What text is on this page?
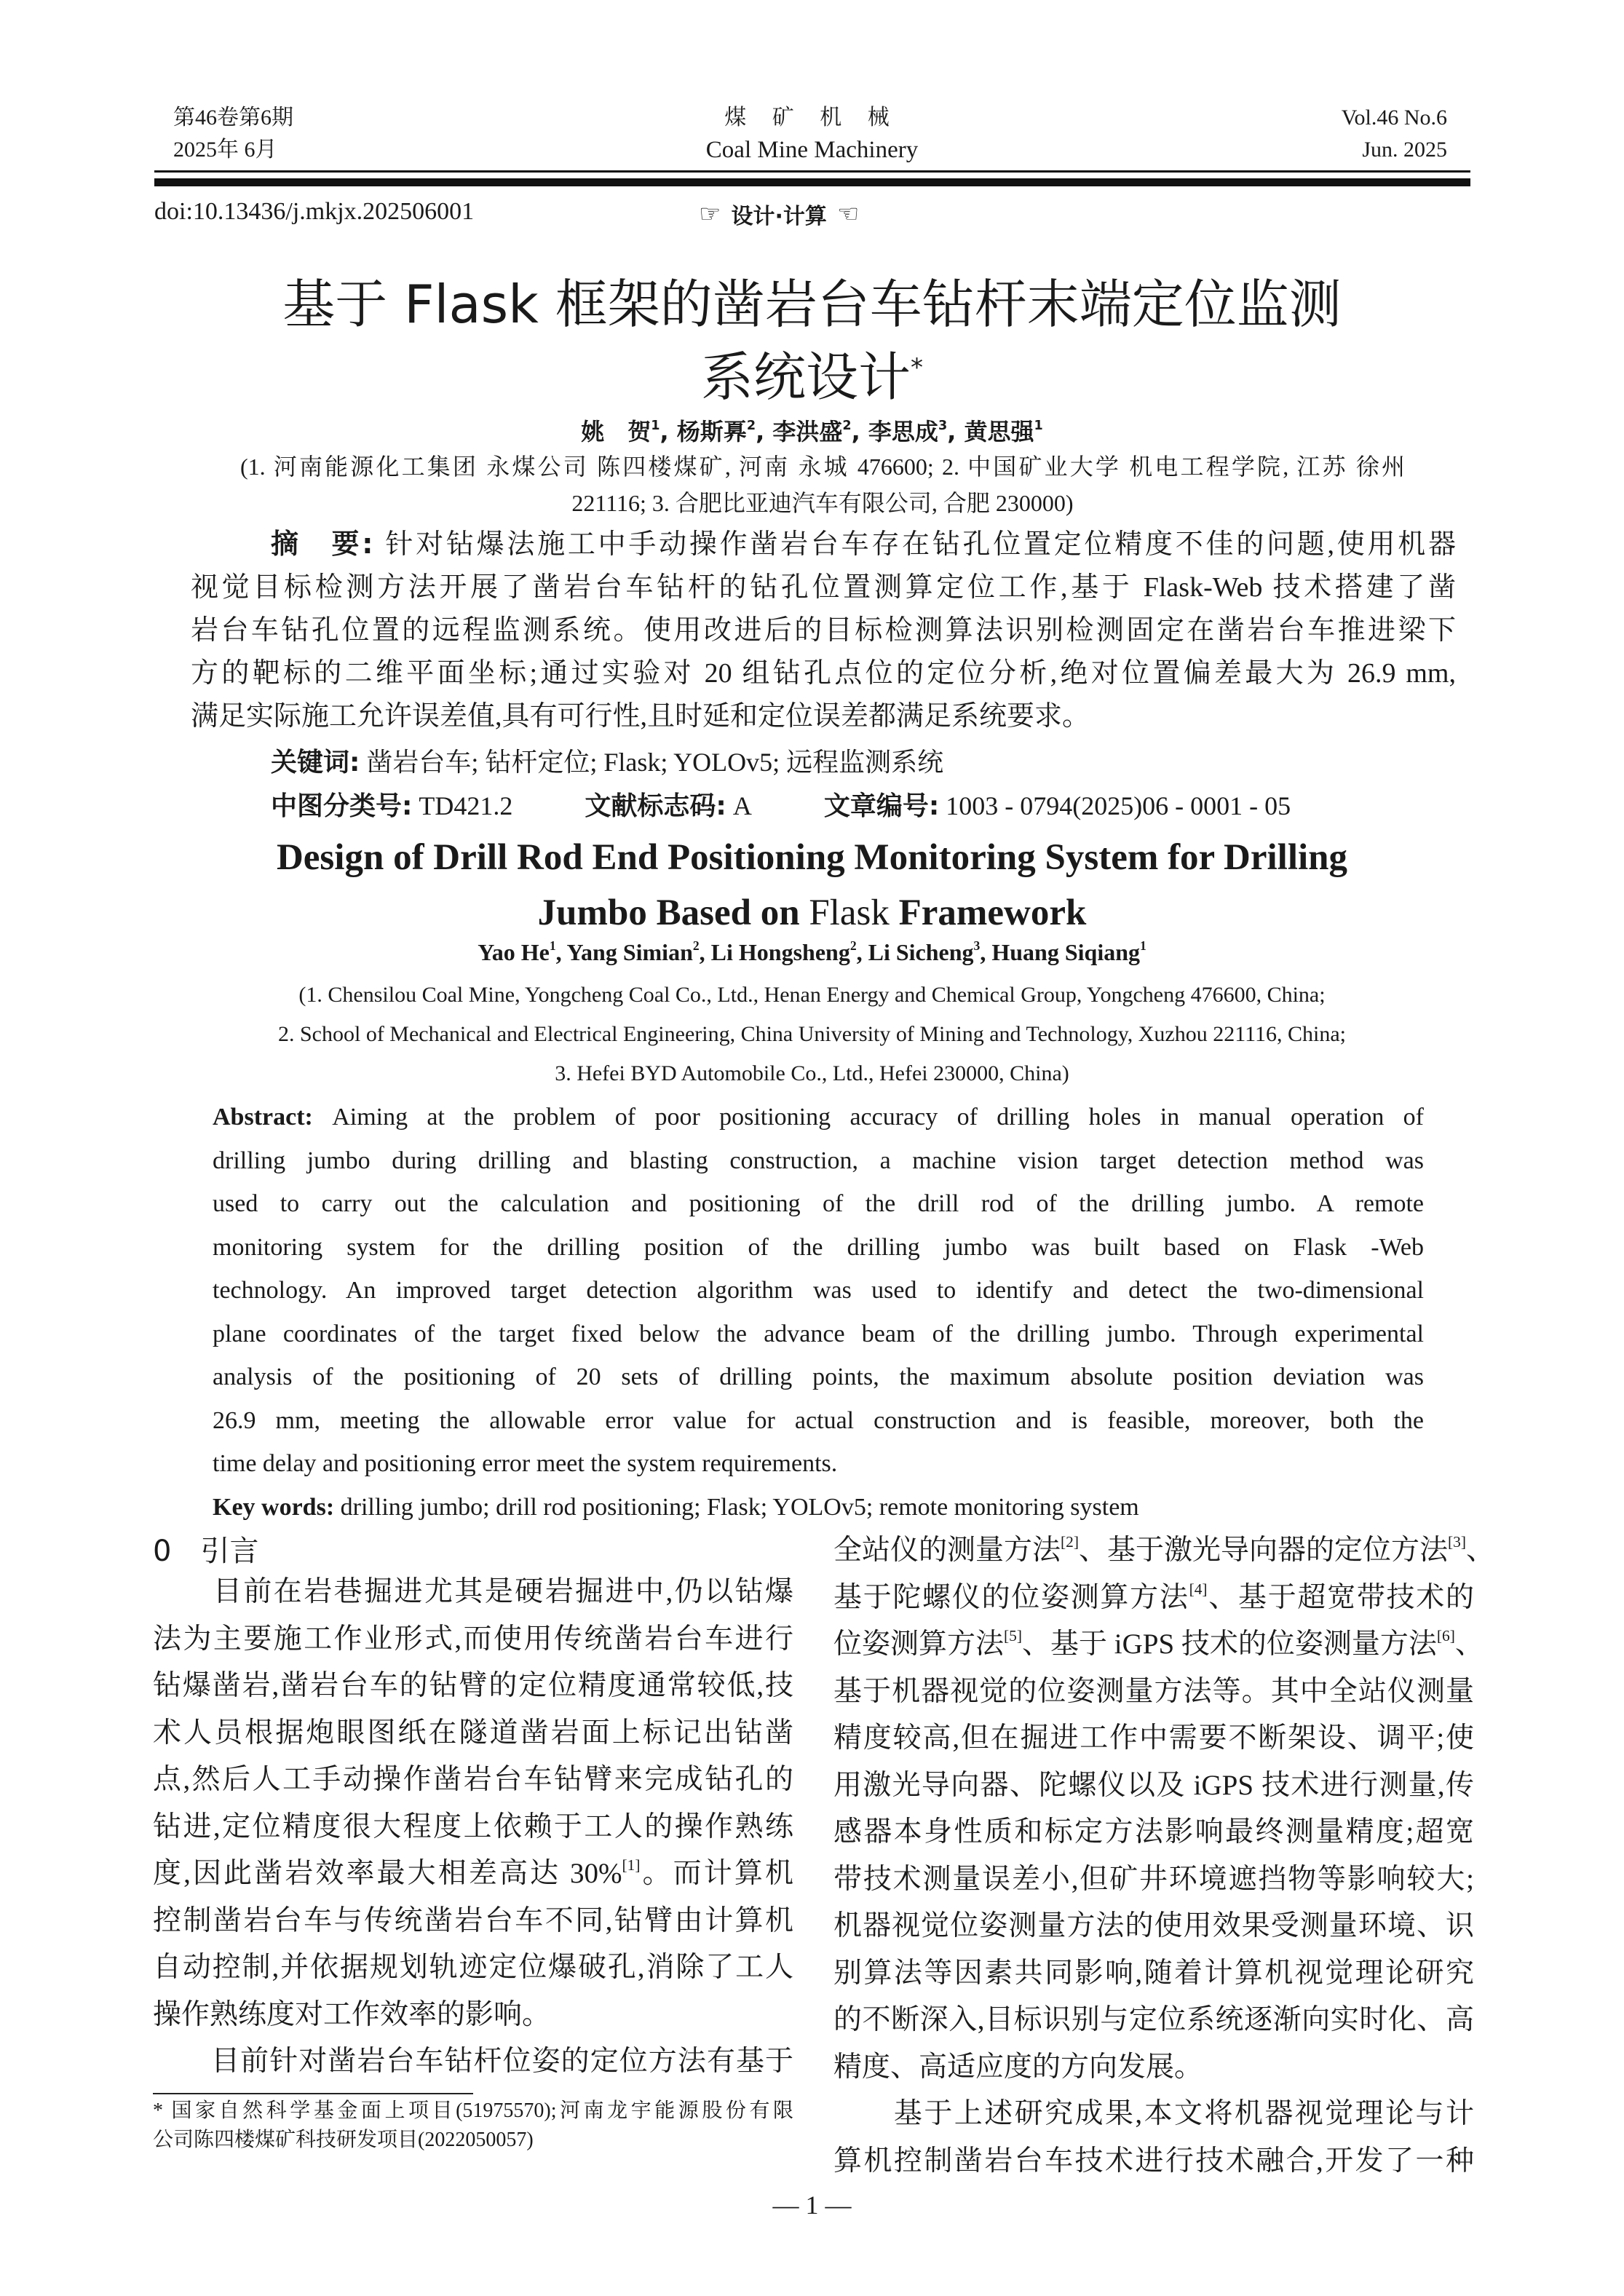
第46卷第6期
2025年 6月
煤 矿 机 械
Coal Mine Machinery
Vol.46 No.6
Jun. 2025
doi:10.13436/j.mkjx.202506001	☞ 设计·计算 ☜
基于 Flask 框架的凿岩台车钻杆末端定位监测
系统设计*
姚　贺$^1$, 杨斯奡$^2$, 李洪盛$^2$, 李思成$^3$, 黄思强$^1$
(1. 河南能源化工集团 永煤公司 陈四楼煤矿, 河南 永城 476600; 2. 中国矿业大学 机电工程学院, 江苏 徐州
221116; 3. 合肥比亚迪汽车有限公司, 合肥 230000)
摘　要: 针对钻爆法施工中手动操作凿岩台车存在钻孔位置定位精度不佳的问题,使用机器
视觉目标检测方法开展了凿岩台车钻杆的钻孔位置测算定位工作,基于 Flask-Web 技术搭建了凿
岩台车钻孔位置的远程监测系统。使用改进后的目标检测算法识别检测固定在凿岩台车推进梁下
方的靶标的二维平面坐标;通过实验对 20 组钻孔点位的定位分析,绝对位置偏差最大为 26.9 mm,
满足实际施工允许误差值,具有可行性,且时延和定位误差都满足系统要求。
关键词: 凿岩台车; 钻杆定位; Flask; YOLOv5; 远程监测系统
中图分类号: TD421.2	文献标志码: A	文章编号: 1003 - 0794(2025)06 - 0001 - 05
Design of Drill Rod End Positioning Monitoring System for Drilling
Jumbo Based on Flask Framework
Yao He$^1$, Yang Simian$^2$, Li Hongsheng$^2$, Li Sicheng$^3$, Huang Siqiang$^1$
(1. Chensilou Coal Mine, Yongcheng Coal Co., Ltd., Henan Energy and Chemical Group, Yongcheng 476600, China;
2. School of Mechanical and Electrical Engineering, China University of Mining and Technology, Xuzhou 221116, China;
3. Hefei BYD Automobile Co., Ltd., Hefei 230000, China)
Abstract: Aiming at the problem of poor positioning accuracy of drilling holes in manual operation of
drilling jumbo during drilling and blasting construction, a machine vision target detection method was
used to carry out the calculation and positioning of the drill rod of the drilling jumbo. A remote
monitoring system for the drilling position of the drilling jumbo was built based on Flask -Web
technology. An improved target detection algorithm was used to identify and detect the two-dimensional
plane coordinates of the target fixed below the advance beam of the drilling jumbo. Through experimental
analysis of the positioning of 20 sets of drilling points, the maximum absolute position deviation was
26.9 mm, meeting the allowable error value for actual construction and is feasible, moreover, both the
time delay and positioning error meet the system requirements.
Key words: drilling jumbo; drill rod positioning; Flask; YOLOv5; remote monitoring system
0 引言
　　目前在岩巷掘进尤其是硬岩掘进中,仍以钻爆
法为主要施工作业形式,而使用传统凿岩台车进行
钻爆凿岩,凿岩台车的钻臂的定位精度通常较低,技
术人员根据炮眼图纸在隧道凿岩面上标记出钻凿
点,然后人工手动操作凿岩台车钻臂来完成钻孔的
钻进,定位精度很大程度上依赖于工人的操作熟练
度,因此凿岩效率最大相差高达 30%[1]。而计算机
控制凿岩台车与传统凿岩台车不同,钻臂由计算机
自动控制,并依据规划轨迹定位爆破孔,消除了工人
操作熟练度对工作效率的影响。
　　目前针对凿岩台车钻杆位姿的定位方法有基于
* 国家自然科学基金面上项目(51975570);河南龙宇能源股份有限
公司陈四楼煤矿科技研发项目(2022050057)
全站仪的测量方法[2]、基于激光导向器的定位方法[3]、
基于陀螺仪的位姿测算方法[4]、基于超宽带技术的
位姿测算方法[5]、基于 iGPS 技术的位姿测量方法[6]、
基于机器视觉的位姿测量方法等。其中全站仪测量
精度较高,但在掘进工作中需要不断架设、调平;使
用激光导向器、陀螺仪以及 iGPS 技术进行测量,传
感器本身性质和标定方法影响最终测量精度;超宽
带技术测量误差小,但矿井环境遮挡物等影响较大;
机器视觉位姿测量方法的使用效果受测量环境、识
别算法等因素共同影响,随着计算机视觉理论研究
的不断深入,目标识别与定位系统逐渐向实时化、高
精度、高适应度的方向发展。
　　基于上述研究成果,本文将机器视觉理论与计
算机控制凿岩台车技术进行技术融合,开发了一种
— 1 —
